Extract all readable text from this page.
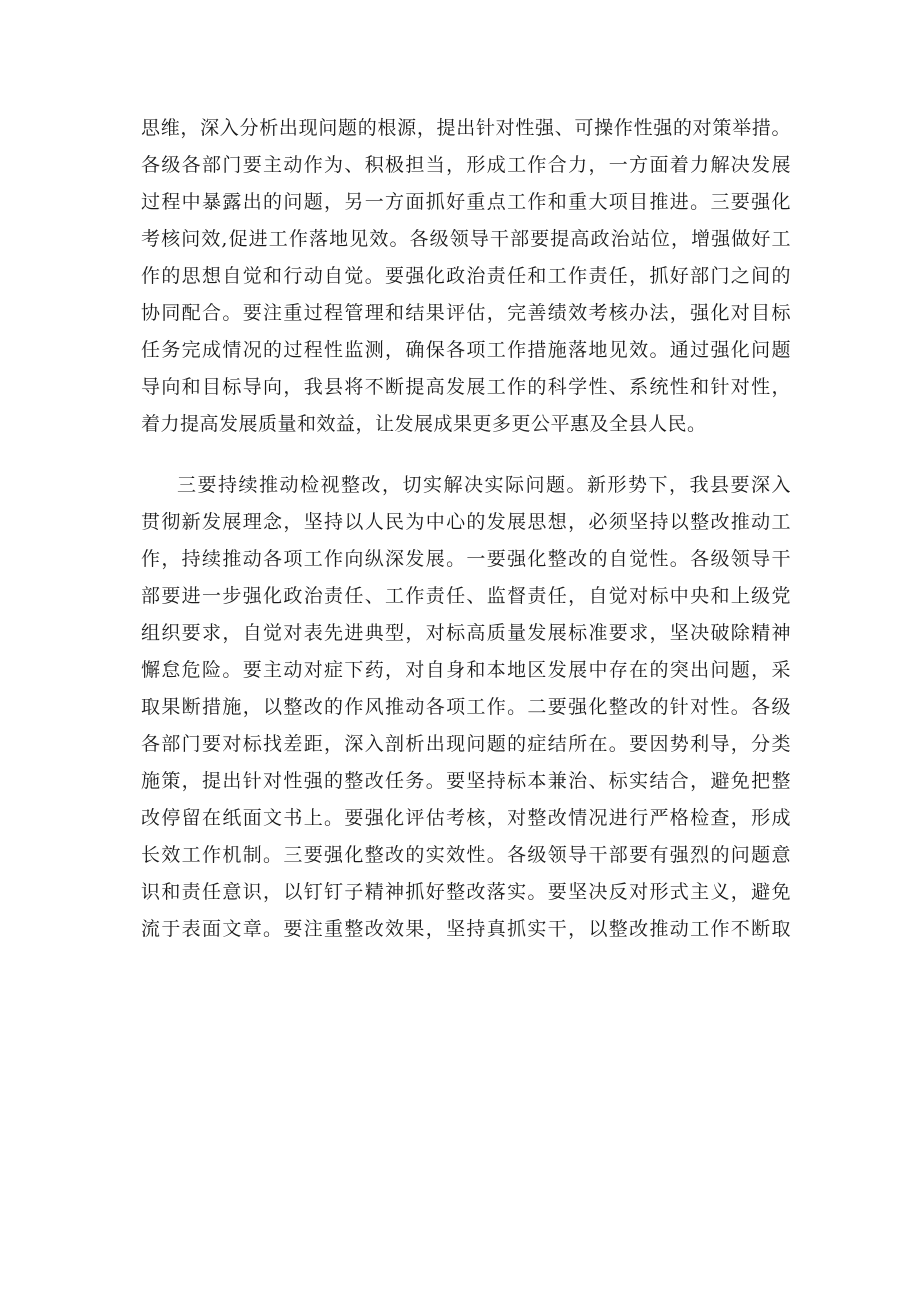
思维，深入分析出现问题的根源，提出针对性强、可操作性强的对策举措。
各级各部门要主动作为、积极担当，形成工作合力，一方面着力解决发展
过程中暴露出的问题，另一方面抓好重点工作和重大项目推进。三要强化
考核问效,促进工作落地见效。各级领导干部要提高政治站位，增强做好工
作的思想自觉和行动自觉。要强化政治责任和工作责任，抓好部门之间的
协同配合。要注重过程管理和结果评估，完善绩效考核办法，强化对目标
任务完成情况的过程性监测，确保各项工作措施落地见效。通过强化问题
导向和目标导向，我县将不断提高发展工作的科学性、系统性和针对性，
着力提高发展质量和效益，让发展成果更多更公平惠及全县人民。
三要持续推动检视整改，切实解决实际问题。新形势下，我县要深入
贯彻新发展理念，坚持以人民为中心的发展思想，必须坚持以整改推动工
作，持续推动各项工作向纵深发展。一要强化整改的自觉性。各级领导干
部要进一步强化政治责任、工作责任、监督责任，自觉对标中央和上级党
组织要求，自觉对表先进典型，对标高质量发展标准要求，坚决破除精神
懈怠危险。要主动对症下药，对自身和本地区发展中存在的突出问题，采
取果断措施，以整改的作风推动各项工作。二要强化整改的针对性。各级
各部门要对标找差距，深入剖析出现问题的症结所在。要因势利导，分类
施策，提出针对性强的整改任务。要坚持标本兼治、标实结合，避免把整
改停留在纸面文书上。要强化评估考核，对整改情况进行严格检查，形成
长效工作机制。三要强化整改的实效性。各级领导干部要有强烈的问题意
识和责任意识，以钉钉子精神抓好整改落实。要坚决反对形式主义，避免
流于表面文章。要注重整改效果，坚持真抓实干，以整改推动工作不断取
